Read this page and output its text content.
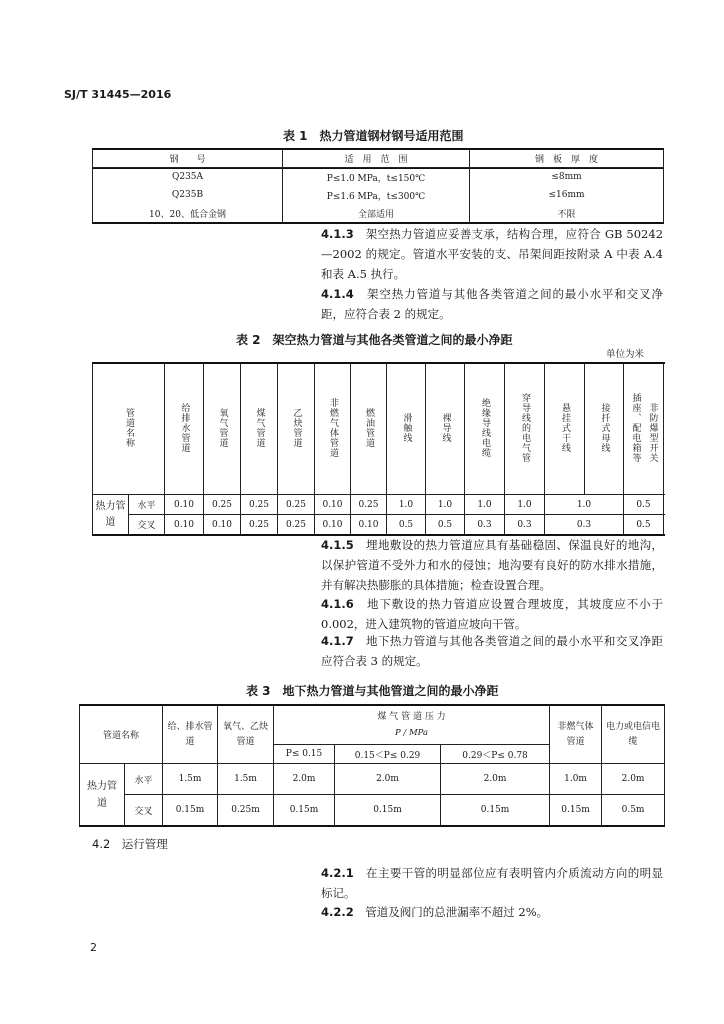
SJ/T 31445—2016
表 1　热力管道钢材钢号适用范围
钢　　号	适　用　范　围	钢　板　厚　度
Q235A	P≤1.0 MPa，t≤150℃	≤8mm
Q235B	P≤1.6 MPa，t≤300℃	≤16mm
10、20、低合金钢	全部适用	不限
4.1.3　 架空热力管道应妥善支承，结构合理，应符合 GB 50242—2002 的规定。管道水平安装的支、吊架间距按附录 A 中表 A.4 和表 A.5 执行。
4.1.4　 架空热力管道与其他各类管道之间的最小水平和交叉净距，应符合表 2 的规定。
表 2　架空热力管道与其他各类管道之间的最小净距
单位为米
管道名称		给排水管道	氧气管道	煤气管道	乙炔管道	非燃气体管道	燃油管道	滑触线	裸导线	绝缘导线电缆	穿导线的电气管	悬挂式干线	接扦式母线	插座、配电箱等 非防爆型开关
热力管道	水平	0.10	0.25	0.25	0.25	0.10	0.25	1.0	1.0	1.0	1.0	1.0		0.5
	交叉	0.10	0.10	0.25	0.25	0.10	0.10	0.5	0.5	0.3	0.3	0.3		0.5
4.1.5　 埋地敷设的热力管道应具有基础稳固、保温良好的地沟，以保护管道不受外力和水的侵蚀；地沟要有良好的防水排水措施，并有解决热膨胀的具体措施；检查设置合理。
4.1.6　 地下敷设的热力管道应设置合理坡度，其坡度应不小于 0.002，进入建筑物的管道应坡向干管。
4.1.7　 地下热力管道与其他各类管道之间的最小水平和交叉净距应符合表 3 的规定。
表 3　地下热力管道与其他管道之间的最小净距
管道名称		给、排水管道	氧气、乙炔管道	煤 气 管 道 压 力
P / MPa			非燃气体管道	电力或电信电缆
				P≤ 0.15	0.15＜P≤ 0.29	0.29＜P≤ 0.78		
热力管道	水平	1.5m	1.5m	2.0m	2.0m	2.0m	1.0m	2.0m
	交叉	0.15m	0.25m	0.15m	0.15m	0.15m	0.15m	0.5m
4.2　 运行管理
4.2.1　 在主要干管的明显部位应有表明管内介质流动方向的明显标记。
4.2.2　 管道及阀门的总泄漏率不超过 2%。
2
